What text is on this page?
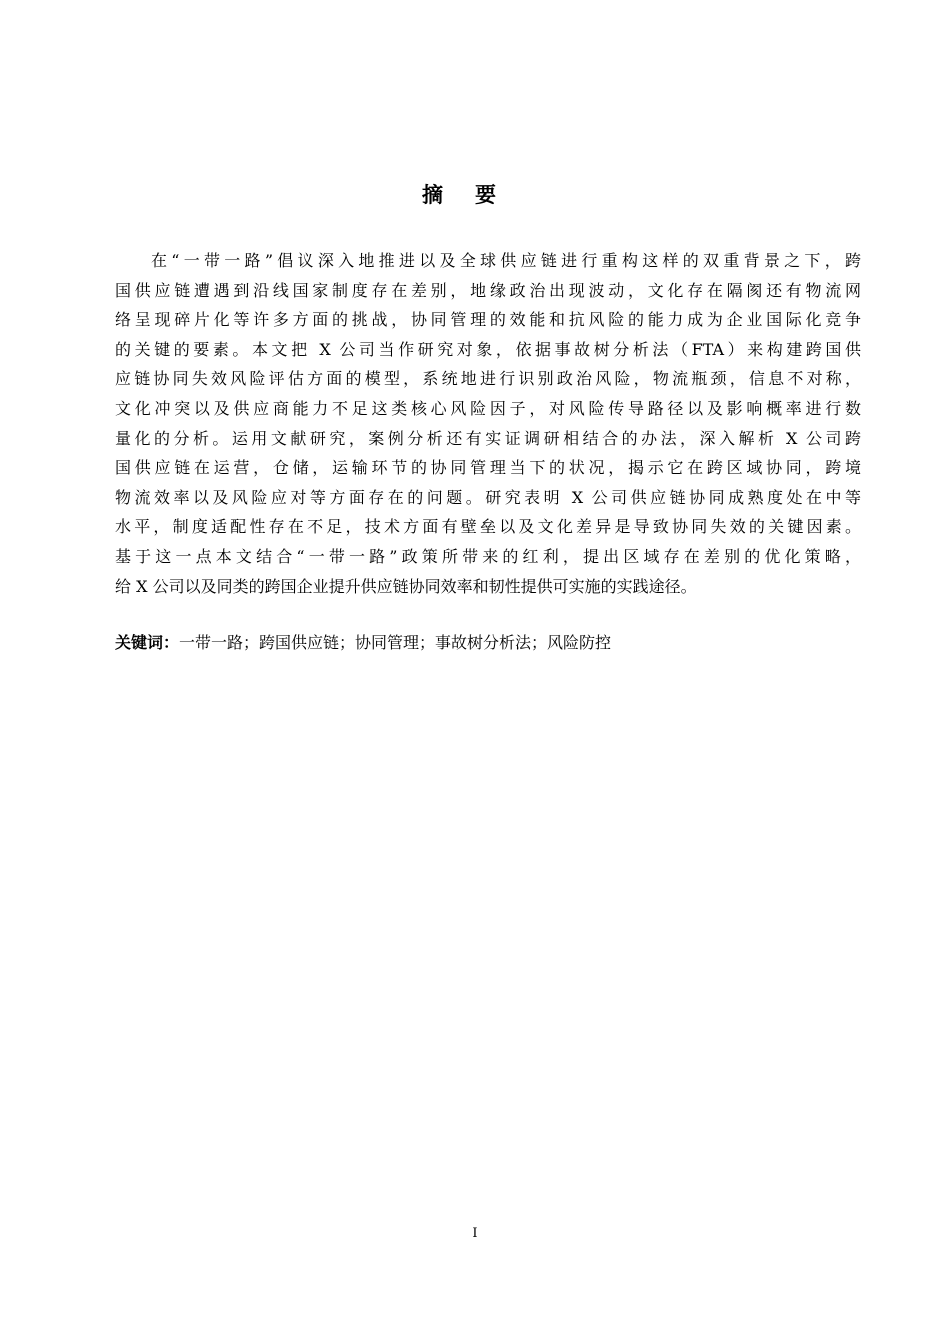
摘要
在“一带一路”倡议深入地推进以及全球供应链进行重构这样的双重背景之下，跨
国供应链遭遇到沿线国家制度存在差别，地缘政治出现波动，文化存在隔阂还有物流网
络呈现碎片化等许多方面的挑战，协同管理的效能和抗风险的能力成为企业国际化竞争
的关键的要素。本文把 X 公司当作研究对象，依据事故树分析法（FTA）来构建跨国供
应链协同失效风险评估方面的模型，系统地进行识别政治风险，物流瓶颈，信息不对称，
文化冲突以及供应商能力不足这类核心风险因子，对风险传导路径以及影响概率进行数
量化的分析。运用文献研究，案例分析还有实证调研相结合的办法，深入解析 X 公司跨
国供应链在运营，仓储，运输环节的协同管理当下的状况，揭示它在跨区域协同，跨境
物流效率以及风险应对等方面存在的问题。研究表明 X 公司供应链协同成熟度处在中等
水平，制度适配性存在不足，技术方面有壁垒以及文化差异是导致协同失效的关键因素。
基于这一点本文结合“一带一路”政策所带来的红利，提出区域存在差别的优化策略，
给 X 公司以及同类的跨国企业提升供应链协同效率和韧性提供可实施的实践途径。
关键词：一带一路；跨国供应链；协同管理；事故树分析法；风险防控
I
